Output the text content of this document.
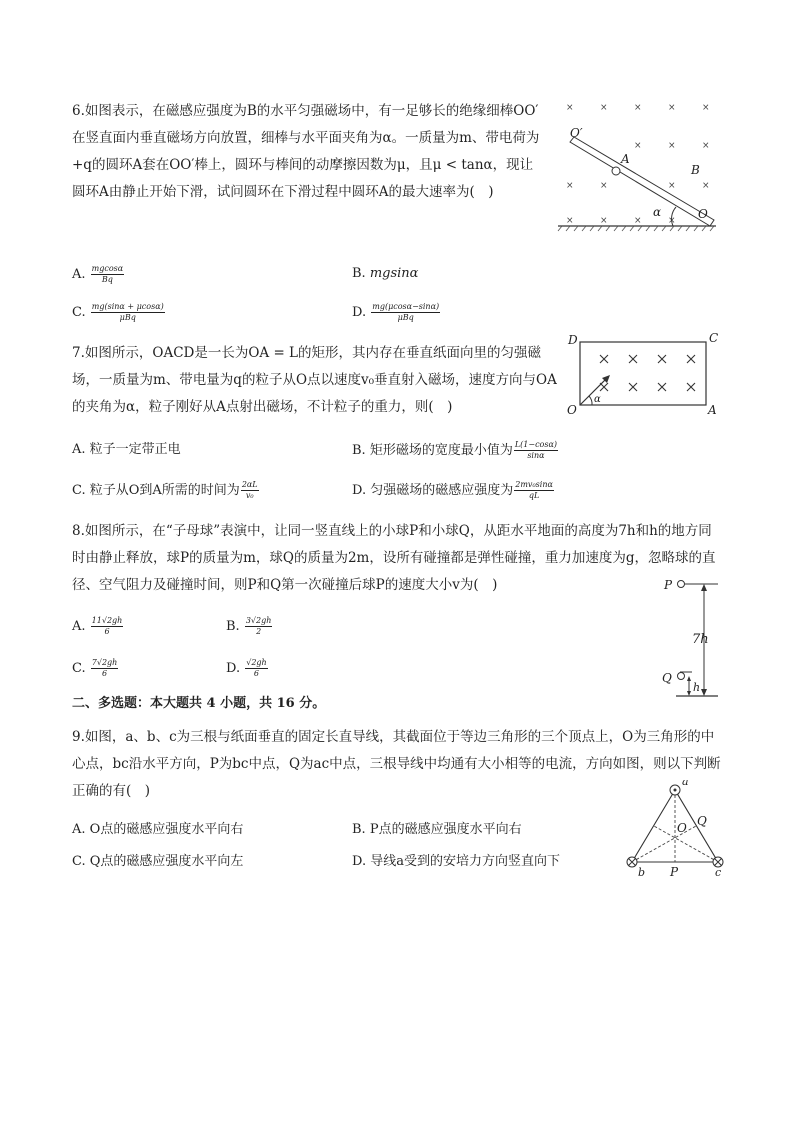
6.如图表示，在磁感应强度为B的水平匀强磁场中，有一足够长的绝缘细棒OO′在竖直面内垂直磁场方向放置，细棒与水平面夹角为α。一质量为m、带电荷为 +q的圆环A套在OO′棒上，圆环与棒间的动摩擦因数为μ，且μ < tanα，现让圆环A由静止开始下滑，试问圆环在下滑过程中圆环A的最大速率为(　)
A. $\frac{mgcos\alpha}{Bq}$	B. mgsinα
C. $\frac{mg(\sin\alpha + \mu\cos\alpha)}{\text{μBq}}$	D. $\frac{mg(\mu\cos\alpha-\sin\alpha)}{\text{μBq}}$
×	×	×	×	×
×	×	×
×	×	×	×
×	×	×	×
O′
A
B
α	O
7.如图所示，OACD是一长为OA = L的矩形，其内存在垂直纸面向里的匀强磁场，一质量为m、带电量为q的粒子从O点以速度v₀垂直射入磁场，速度方向与OA的夹角为α，粒子刚好从A点射出磁场，不计粒子的重力，则(　)
A. 粒子一定带正电	B. 矩形磁场的宽度最小值为 $\frac{L(1-\cos\alpha)}{\sin\alpha}$
C. 粒子从O到A所需的时间为 $\frac{2\alpha L}{\text{v₀}}$	D. 匀强磁场的磁感应强度为 $\frac{\text{2mv₀sinα}}{qL}$
D	C
O	A
α
8.如图所示，在“子母球”表演中，让同一竖直线上的小球P和小球Q，从距水平地面的高度为7h和h的地方同时由静止释放，球P的质量为m，球Q的质量为2m，设所有碰撞都是弹性碰撞，重力加速度为g，忽略球的直径、空气阻力及碰撞时间，则P和Q第一次碰撞后球P的速度大小v为(　)
A. $\frac{11√2gh}{6}$	B. $\frac{3√2gh}{2}$
C. $\frac{7√2gh}{6}$	D. $\frac{√2gh}{6}$
P
7h
Q
h
二、多选题：本大题共 4 小题，共 16 分。
9.如图，a、b、c为三根与纸面垂直的固定长直导线，其截面位于等边三角形的三个顶点上，O为三角形的中心点，bc沿水平方向，P为bc中点，Q为ac中点，三根导线中均通有大小相等的电流，方向如图，则以下判断正确的有(　)
A. O点的磁感应强度水平向右	B. P点的磁感应强度水平向右
C. Q点的磁感应强度水平向左	D. 导线a受到的安培力方向竖直向下
a
O Q
b P	c
